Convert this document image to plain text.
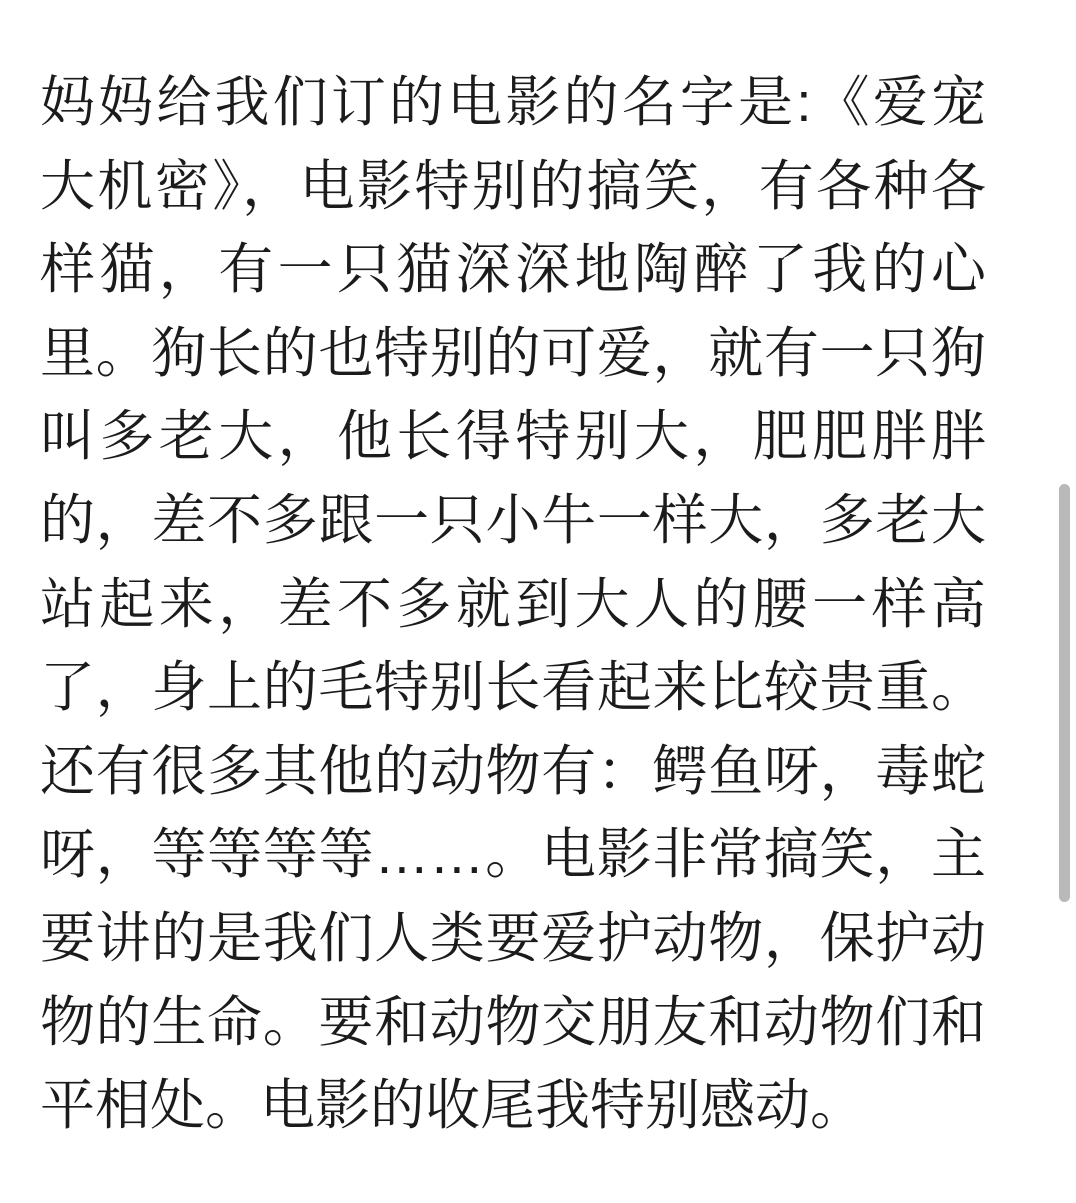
妈妈给我们订的电影的名字是:《爱宠大机密》，电影特别的搞笑，有各种各样猫，有一只猫深深地陶醉了我的心里。狗长的也特别的可爱，就有一只狗叫多老大，他长得特别大，肥肥胖胖的，差不多跟一只小牛一样大，多老大站起来，差不多就到大人的腰一样高了，身上的毛特别长看起来比较贵重。还有很多其他的动物有：鳄鱼呀，毒蛇呀，等等等等……。电影非常搞笑，主要讲的是我们人类要爱护动物，保护动物的生命。要和动物交朋友和动物们和平相处。电影的收尾我特别感动。
